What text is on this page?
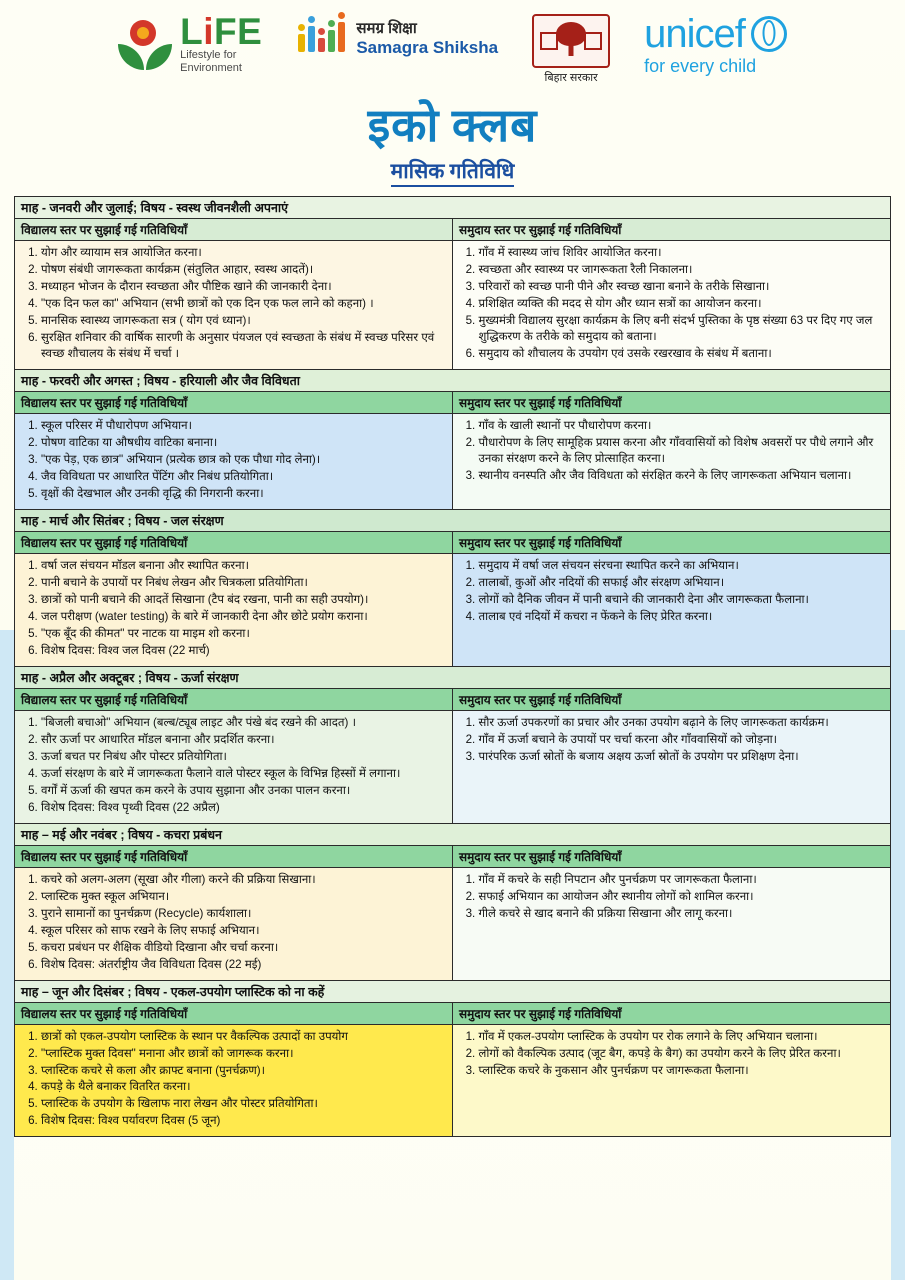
LiFE
Lifestyle for
Environment
समग्र शिक्षा
Samagra Shiksha
बिहार सरकार
unicef
for every child
इको क्लब
मासिक गतिविधि
माह - जनवरी और जुलाई; विषय - स्वस्थ जीवनशैली अपनाएं
विद्यालय स्तर पर सुझाई गई गतिविधियाँ	समुदाय स्तर पर सुझाई गई गतिविधियाँ
1. योग और व्यायाम सत्र आयोजित करना।
2. पोषण संबंधी जागरूकता कार्यक्रम (संतुलित आहार, स्वस्थ आदतें)।
3. मध्याहन भोजन के दौरान स्वच्छता और पौष्टिक खाने की जानकारी देना।
4. "एक दिन फल का" अभियान (सभी छात्रों को एक दिन एक फल लाने को कहना) ।
5. मानसिक स्वास्थ्य जागरूकता सत्र ( योग एवं ध्यान)।
6. सुरक्षित शनिवार की वार्षिक सारणी के अनुसार पंयजल एवं स्वच्छता के संबंध में स्वच्छ परिसर एवं स्वच्छ शौचालय के संबंध में चर्चा ।
1. गाँव में स्वास्थ्य जांच शिविर आयोजित करना।
2. स्वच्छता और स्वास्थ्य पर जागरूकता रैली निकालना।
3. परिवारों को स्वच्छ पानी पीने और स्वच्छ खाना बनाने के तरीके सिखाना।
4. प्रशिक्षित व्यक्ति की मदद से योग और ध्यान सत्रों का आयोजन करना।
5. मुख्यमंत्री विद्यालय सुरक्षा कार्यक्रम के लिए बनी संदर्भ पुस्तिका के पृष्ठ संख्या 63 पर दिए गए जल शुद्धिकरण के तरीके को समुदाय को बताना।
6. समुदाय को शौचालय के उपयोग एवं उसके रखरखाव के संबंध में बताना।
माह - फरवरी और अगस्त ; विषय - हरियाली और जैव विविधता
विद्यालय स्तर पर सुझाई गई गतिविधियाँ	समुदाय स्तर पर सुझाई गई गतिविधियाँ
1. स्कूल परिसर में पौधारोपण अभियान।
2. पोषण वाटिका या औषधीय वाटिका बनाना।
3. "एक पेड़, एक छात्र" अभियान (प्रत्येक छात्र को एक पौधा गोद लेना)।
4. जैव विविधता पर आधारित पेंटिंग और निबंध प्रतियोगिता।
5. वृक्षों की देखभाल और उनकी वृद्धि की निगरानी करना।
1. गाँव के खाली स्थानों पर पौधारोपण करना।
2. पौधारोपण के लिए सामूहिक प्रयास करना और गाँववासियों को विशेष अवसरों पर पौधे लगाने और उनका संरक्षण करने के लिए प्रोत्साहित करना।
3. स्थानीय वनस्पति और जैव विविधता को संरक्षित करने के लिए जागरूकता अभियान चलाना।
माह - मार्च और सितंबर ; विषय - जल संरक्षण
विद्यालय स्तर पर सुझाई गई गतिविधियाँ	समुदाय स्तर पर सुझाई गई गतिविधियाँ
1. वर्षा जल संचयन मॉडल बनाना और स्थापित करना।
2. पानी बचाने के उपायों पर निबंध लेखन और चित्रकला प्रतियोगिता।
3. छात्रों को पानी बचाने की आदतें सिखाना (टैप बंद रखना, पानी का सही उपयोग)।
4. जल परीक्षण (water testing) के बारे में जानकारी देना और छोटे प्रयोग कराना।
5. "एक बूँद की कीमत" पर नाटक या माइम शो करना।
6. विशेष दिवस: विश्व जल दिवस (22 मार्च)
1. समुदाय में वर्षा जल संचयन संरचना स्थापित करने का अभियान।
2. तालाबों, कुओं और नदियों की सफाई और संरक्षण अभियान।
3. लोगों को दैनिक जीवन में पानी बचाने की जानकारी देना और जागरूकता फैलाना।
4. तालाब एवं नदियों में कचरा न फेंकने के लिए प्रेरित करना।
माह - अप्रैल और अक्टूबर ; विषय - ऊर्जा संरक्षण
विद्यालय स्तर पर सुझाई गई गतिविधियाँ	समुदाय स्तर पर सुझाई गई गतिविधियाँ
1. "बिजली बचाओ" अभियान (बल्ब/ट्यूब लाइट और पंखे बंद रखने की आदत) ।
2. सौर ऊर्जा पर आधारित मॉडल बनाना और प्रदर्शित करना।
3. ऊर्जा बचत पर निबंध और पोस्टर प्रतियोगिता।
4. ऊर्जा संरक्षण के बारे में जागरूकता फैलाने वाले पोस्टर स्कूल के विभिन्न हिस्सों में लगाना।
5. वर्गों में ऊर्जा की खपत कम करने के उपाय सुझाना और उनका पालन करना।
6. विशेष दिवस: विश्व पृथ्वी दिवस (22 अप्रैल)
1. सौर ऊर्जा उपकरणों का प्रचार और उनका उपयोग बढ़ाने के लिए जागरूकता कार्यक्रम।
2. गाँव में ऊर्जा बचाने के उपायों पर चर्चा करना और गाँववासियों को जोड़ना।
3. पारंपरिक ऊर्जा स्रोतों के बजाय अक्षय ऊर्जा स्रोतों के उपयोग पर प्रशिक्षण देना।
माह – मई और नवंबर ; विषय - कचरा प्रबंधन
विद्यालय स्तर पर सुझाई गई गतिविधियाँ	समुदाय स्तर पर सुझाई गई गतिविधियाँ
1. कचरे को अलग-अलग (सूखा और गीला) करने की प्रक्रिया सिखाना।
2. प्लास्टिक मुक्त स्कूल अभियान।
3. पुराने सामानों का पुनर्चक्रण (Recycle) कार्यशाला।
4. स्कूल परिसर को साफ रखने के लिए सफाई अभियान।
5. कचरा प्रबंधन पर शैक्षिक वीडियो दिखाना और चर्चा करना।
6. विशेष दिवस: अंतर्राष्ट्रीय जैव विविधता दिवस (22 मई)
1. गाँव में कचरे के सही निपटान और पुनर्चक्रण पर जागरूकता फैलाना।
2. सफाई अभियान का आयोजन और स्थानीय लोगों को शामिल करना।
3. गीले कचरे से खाद बनाने की प्रक्रिया सिखाना और लागू करना।
माह – जून और दिसंबर ; विषय - एकल-उपयोग प्लास्टिक को ना कहें
विद्यालय स्तर पर सुझाई गई गतिविधियाँ	समुदाय स्तर पर सुझाई गई गतिविधियाँ
1. छात्रों को एकल-उपयोग प्लास्टिक के स्थान पर वैकल्पिक उत्पादों का उपयोग
2. "प्लास्टिक मुक्त दिवस" मनाना और छात्रों को जागरूक करना।
3. प्लास्टिक कचरे से कला और क्राफ्ट बनाना (पुनर्चक्रण)।
4. कपड़े के थैले बनाकर वितरित करना।
5. प्लास्टिक के उपयोग के खिलाफ नारा लेखन और पोस्टर प्रतियोगिता।
6. विशेष दिवस: विश्व पर्यावरण दिवस (5 जून)
1. गाँव में एकल-उपयोग प्लास्टिक के उपयोग पर रोक लगाने के लिए अभियान चलाना।
2. लोगों को वैकल्पिक उत्पाद (जूट बैग, कपड़े के बैग) का उपयोग करने के लिए प्रेरित करना।
3. प्लास्टिक कचरे के नुकसान और पुनर्चक्रण पर जागरूकता फैलाना।
